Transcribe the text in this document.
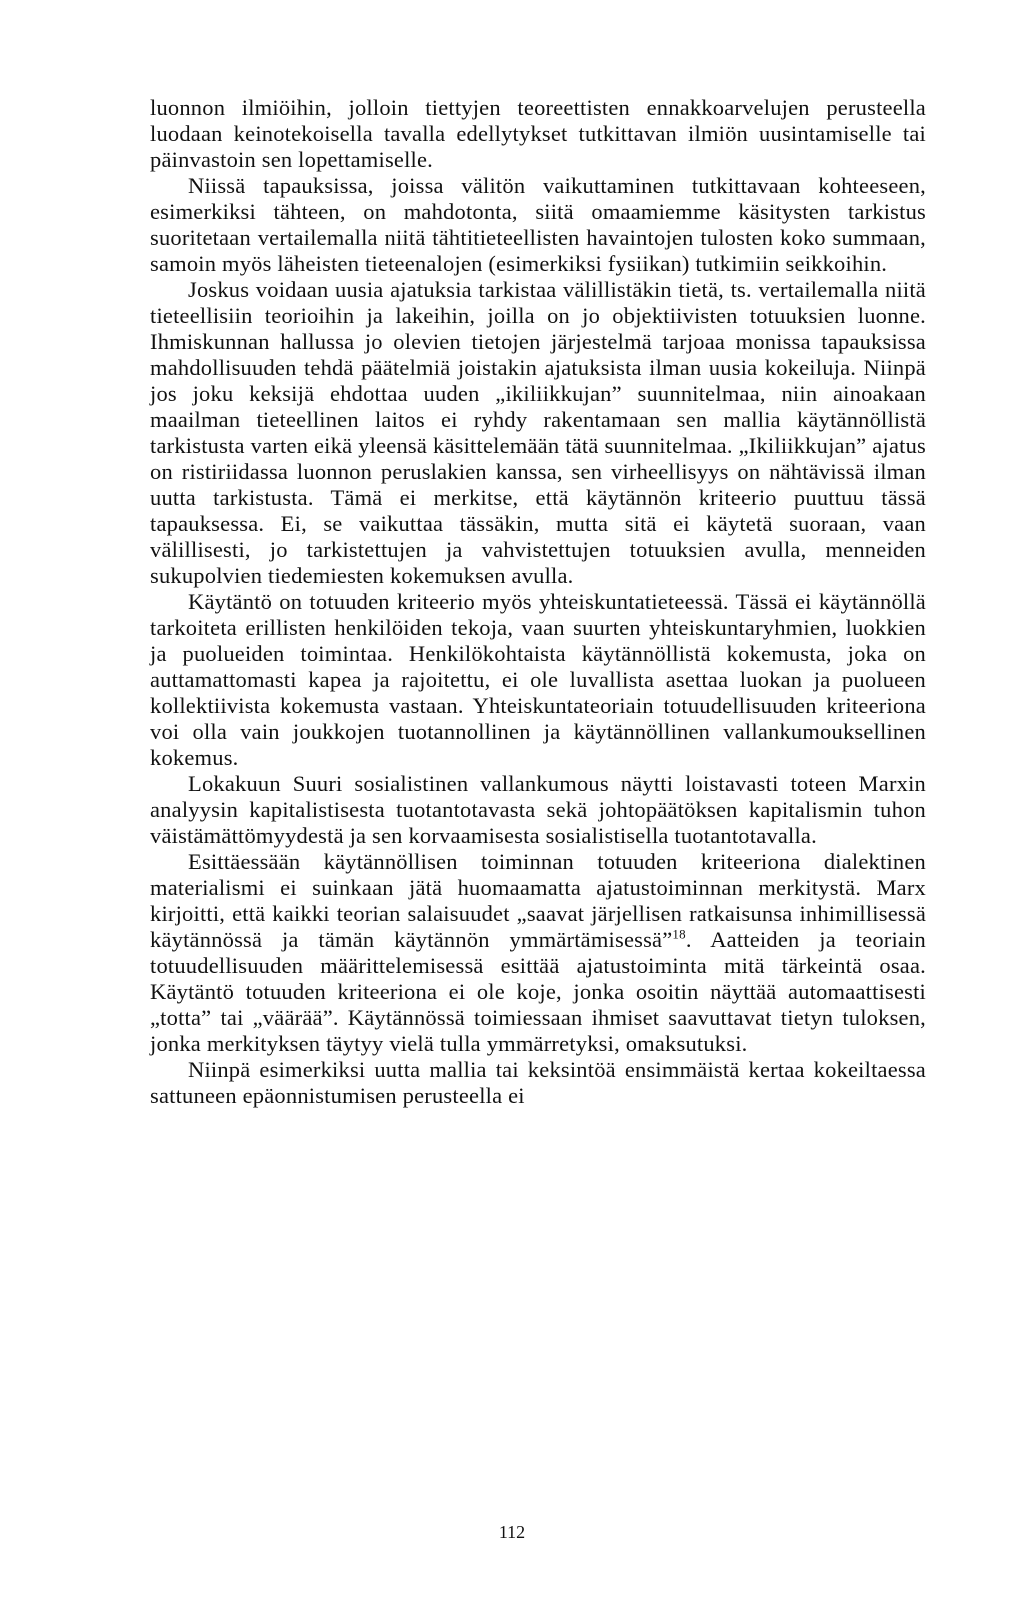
luonnon ilmiöihin, jolloin tiettyjen teoreettisten ennakkoarvelujen perusteella luodaan keinotekoisella tavalla edellytykset tutkittavan ilmiön uusintamiselle tai päinvastoin sen lopettamiselle.

Niissä tapauksissa, joissa välitön vaikuttaminen tutkittavaan kohteeseen, esimerkiksi tähteen, on mahdotonta, siitä omaamiemme käsitysten tarkistus suoritetaan vertailemalla niitä tähtitieteellisten havaintojen tulosten koko summaan, samoin myös läheisten tieteenalojen (esimerkiksi fysiikan) tutkimiin seikkoihin.

Joskus voidaan uusia ajatuksia tarkistaa välillistäkin tietä, ts. vertailemalla niitä tieteellisiin teorioihin ja lakeihin, joilla on jo objektiivisten totuuksien luonne. Ihmiskunnan hallussa jo olevien tietojen järjestelmä tarjoaa monissa tapauksissa mahdollisuuden tehdä päätelmiä joistakin ajatuksista ilman uusia kokeiluja. Niinpä jos joku keksijä ehdottaa uuden „ikiliikkujan” suunnitelmaa, niin ainoakaan maailman tieteellinen laitos ei ryhdy rakentamaan sen mallia käytännöllistä tarkistusta varten eikä yleensä käsittelemään tätä suunnitelmaa. „Ikiliikkujan” ajatus on ristiriidassa luonnon peruslakien kanssa, sen virheellisyys on nähtävissä ilman uutta tarkistusta. Tämä ei merkitse, että käytännön kriteerio puuttuu tässä tapauksessa. Ei, se vaikuttaa tässäkin, mutta sitä ei käytetä suoraan, vaan välillisesti, jo tarkistettujen ja vahvistettujen totuuksien avulla, menneiden sukupolvien tiedemiesten kokemuksen avulla.

Käytäntö on totuuden kriteerio myös yhteiskuntatieteessä. Tässä ei käytännöllä tarkoiteta erillisten henkilöiden tekoja, vaan suurten yhteiskuntaryhmien, luokkien ja puolueiden toimintaa. Henkilökohtaista käytännöllistä kokemusta, joka on auttamattomasti kapea ja rajoitettu, ei ole luvallista asettaa luokan ja puolueen kollektiivista kokemusta vastaan. Yhteiskuntateoriain totuudellisuuden kriteeriona voi olla vain joukkojen tuotannollinen ja käytännöllinen vallankumouksellinen kokemus.

Lokakuun Suuri sosialistinen vallankumous näytti loistavasti toteen Marxin analyysin kapitalistisesta tuotantotavasta sekä johtopäätöksen kapitalismin tuhon väistämättömyydestä ja sen korvaamisesta sosialistisella tuotantotavalla.

Esittäessään käytännöllisen toiminnan totuuden kriteeriona dialektinen materialismi ei suinkaan jätä huomaamatta ajatustoiminnan merkitystä. Marx kirjoitti, että kaikki teorian salaisuudet „saavat järjellisen ratkaisunsa inhimillisessä käytännössä ja tämän käytännön ymmärtämisessä”$^{18}$. Aatteiden ja teoriain totuudellisuuden määrittelemisessä esittää ajatustoiminta mitä tärkeintä osaa. Käytäntö totuuden kriteeriona ei ole koje, jonka osoitin näyttää automaattisesti „totta” tai „väärää”. Käytännössä toimiessaan ihmiset saavuttavat tietyn tuloksen, jonka merkityksen täytyy vielä tulla ymmärretyksi, omaksutuksi.

Niinpä esimerkiksi uutta mallia tai keksintöä ensimmäistä kertaa kokeiltaessa sattuneen epäonnistumisen perusteella ei

112
